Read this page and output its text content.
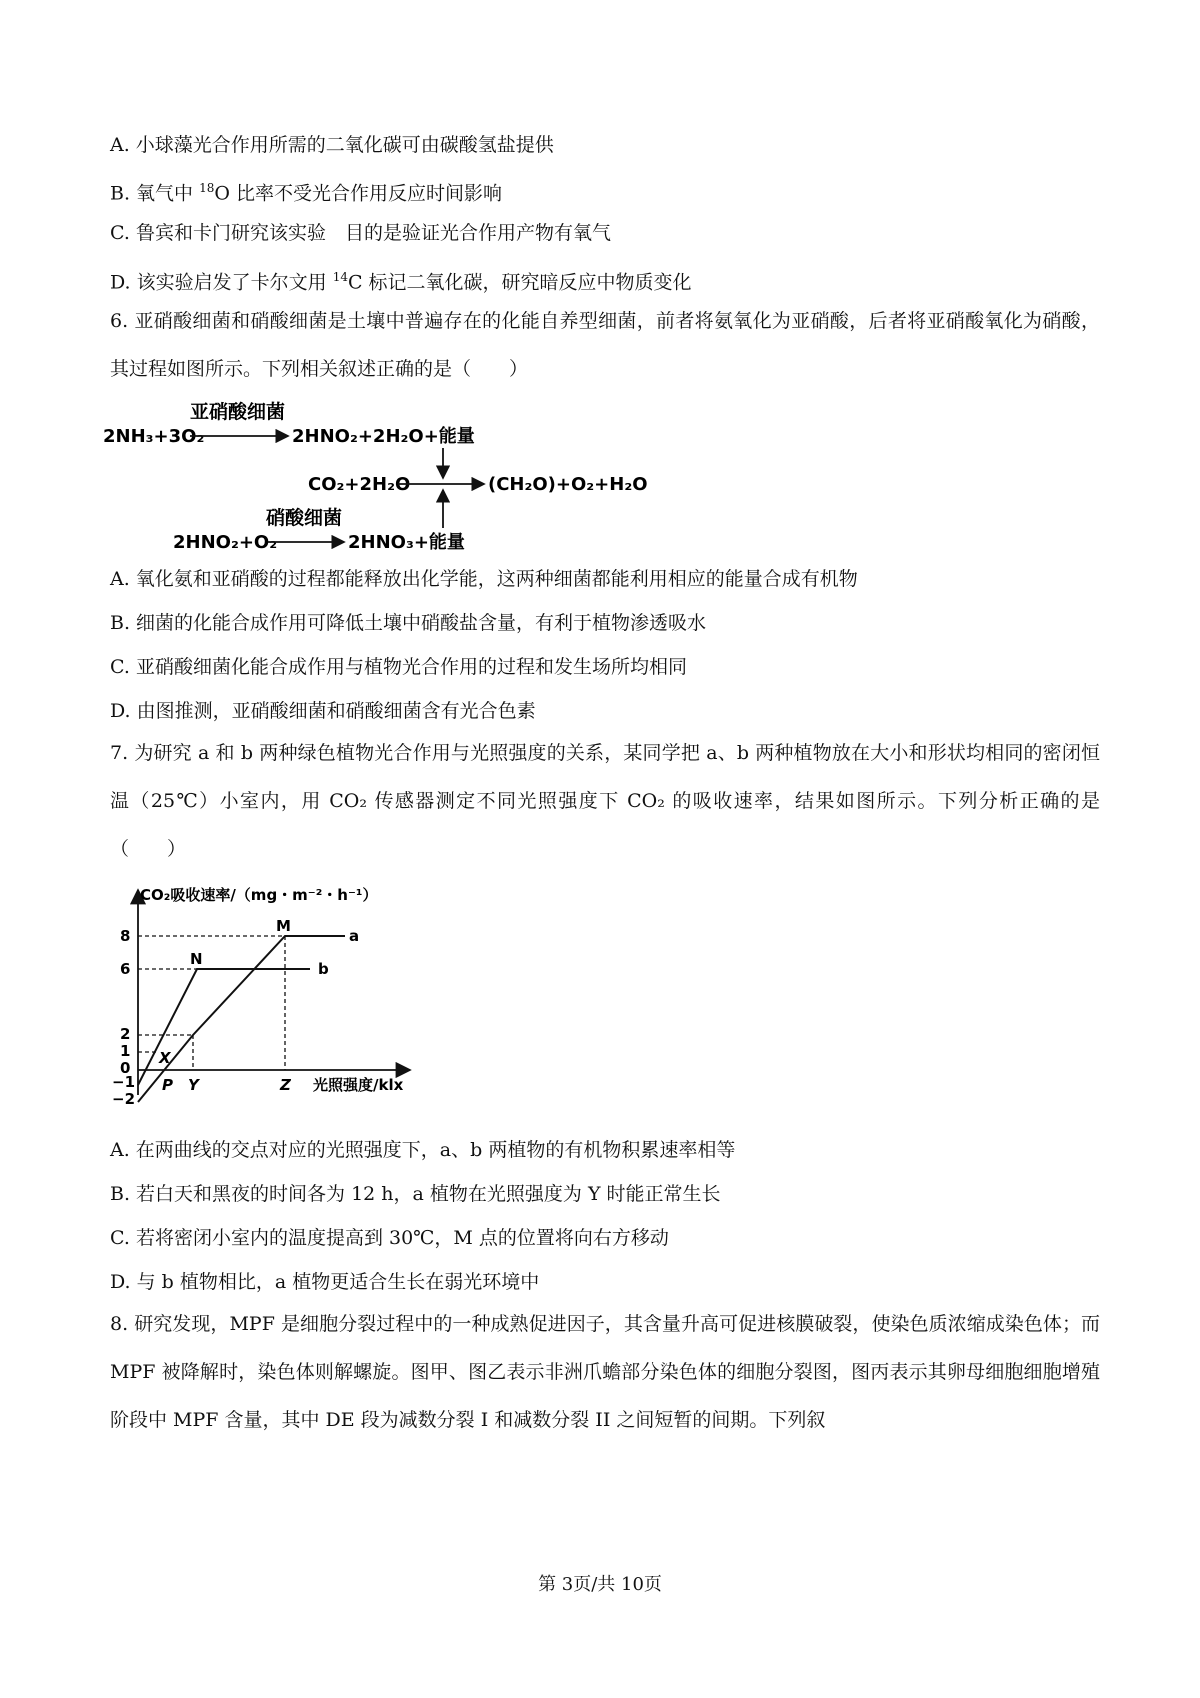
A. 小球藻光合作用所需的二氧化碳可由碳酸氢盐提供
B. 氧气中 $^{18}$O 比率不受光合作用反应时间影响
C. 鲁宾和卡门研究该实验　目的是验证光合作用产物有氧气
D. 该实验启发了卡尔文用 $^{14}$C 标记二氧化碳，研究暗反应中物质变化
6. 亚硝酸细菌和硝酸细菌是土壤中普遍存在的化能自养型细菌，前者将氨氧化为亚硝酸，后者将亚硝酸氧化为硝酸，其过程如图所示。下列相关叙述正确的是（　　）
亚硝酸细菌
2NH₃+3O₂	2HNO₂+2H₂O+能量
CO₂+2H₂O	(CH₂O)+O₂+H₂O
硝酸细菌
2HNO₂+O₂	2HNO₃+能量
A. 氧化氨和亚硝酸的过程都能释放出化学能，这两种细菌都能利用相应的能量合成有机物
B. 细菌的化能合成作用可降低土壤中硝酸盐含量，有利于植物渗透吸水
C. 亚硝酸细菌化能合成作用与植物光合作用的过程和发生场所均相同
D. 由图推测，亚硝酸细菌和硝酸细菌含有光合色素
7. 为研究 a 和 b 两种绿色植物光合作用与光照强度的关系，某同学把 a、b 两种植物放在大小和形状均相同的密闭恒温（25℃）小室内，用 CO₂ 传感器测定不同光照强度下 CO₂ 的吸收速率，结果如图所示。下列分析正确的是（　　）
CO₂吸收速率/（mg・m⁻²・h⁻¹）
光照强度/klx
8
6
2
1
0
−1
−2
a
b
M
N
X
P Y	Z
A. 在两曲线的交点对应的光照强度下，a、b 两植物的有机物积累速率相等
B. 若白天和黑夜的时间各为 12 h，a 植物在光照强度为 Y 时能正常生长
C. 若将密闭小室内的温度提高到 30℃，M 点的位置将向右方移动
D. 与 b 植物相比，a 植物更适合生长在弱光环境中
8. 研究发现，MPF 是细胞分裂过程中的一种成熟促进因子，其含量升高可促进核膜破裂，使染色质浓缩成染色体；而 MPF 被降解时，染色体则解螺旋。图甲、图乙表示非洲爪蟾部分染色体的细胞分裂图，图丙表示其卵母细胞细胞增殖阶段中 MPF 含量，其中 DE 段为减数分裂 I 和减数分裂 II 之间短暂的间期。下列叙
第 3页/共 10页
